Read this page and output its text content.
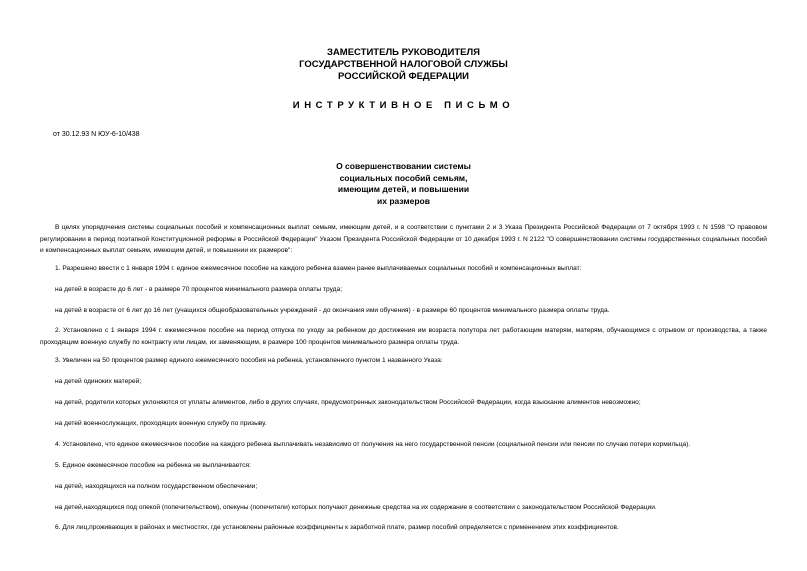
ЗАМЕСТИТЕЛЬ РУКОВОДИТЕЛЯ
ГОСУДАРСТВЕННОЙ НАЛОГОВОЙ СЛУЖБЫ
РОССИЙСКОЙ ФЕДЕРАЦИИ
ИНСТРУКТИВНОЕ ПИСЬМО
от 30.12.93 N ЮУ-6-10/438
О совершенствовании системы
социальных пособий семьям,
имеющим детей, и повышении
их размеров

В целях упорядочения системы социальных пособий и компенсационных выплат семьям, имеющим детей, и в соответствии с пунктами 2 и 3 Указа Президента Российской Федерации от 7 октября 1993 г. N 1598 "О правовом регулировании в период поэтапной Конституционной реформы в Российской Федерации" Указом Президента Российской Федерации от 10 декабря 1993 г. N 2122 "О совершенствовании системы государственных социальных пособий и компенсационных выплат семьям, имеющим детей, и повышении их размеров":

1. Разрешено ввести с 1 января 1994 г. единое ежемесячное пособие на каждого ребенка взамен ранее выплачиваемых социальных пособий и компенсационных выплат:

на детей в возрасте до 6 лет - в размере 70 процентов минимального размера оплаты труда;

на детей в возрасте от 6 лет до 16 лет (учащихся общеобразовательных учреждений - до окончания ими обучения) - в размере 60 процентов минимального размера оплаты труда.

2. Установлено с 1 января 1994 г. ежемесячное пособие на период отпуска по уходу за ребенком до достижения им возраста полутора лет работающим матерям, матерям, обучающимся с отрывом от производства, а также проходящим военную службу по контракту или лицам, их заменяющим, в размере 100 процентов минимального размера оплаты труда.

3. Увеличен на 50 процентов размер единого ежемесячного пособия на ребенка, установленного пунктом 1 названного Указа:

на детей одиноких матерей;

на детей, родители которых уклоняются от уплаты алиментов, либо в других случаях, предусмотренных законодательством Российской Федерации, когда взыскание алиментов невозможно;

на детей военнослужащих, проходящих военную службу по призыву.

4. Установлено, что единое ежемесячное пособие на каждого ребенка выплачивать независимо от получения на него государственной пенсии (социальной пенсии или пенсии по случаю потери кормильца).

5. Единое ежемесячное пособие на ребенка не выплачивается:

на детей, находящихся на полном государственном обеспечении;

на детей,находящихся под опекой (попечительством), опекуны (попечители) которых получают денежные средства на их содержание в соответствии с законодательством Российской Федерации.

6. Для лиц,проживающих в районах и местностях, где установлены районные коэффициенты к заработной плате, размер пособий определяется с применением этих коэффициентов.
